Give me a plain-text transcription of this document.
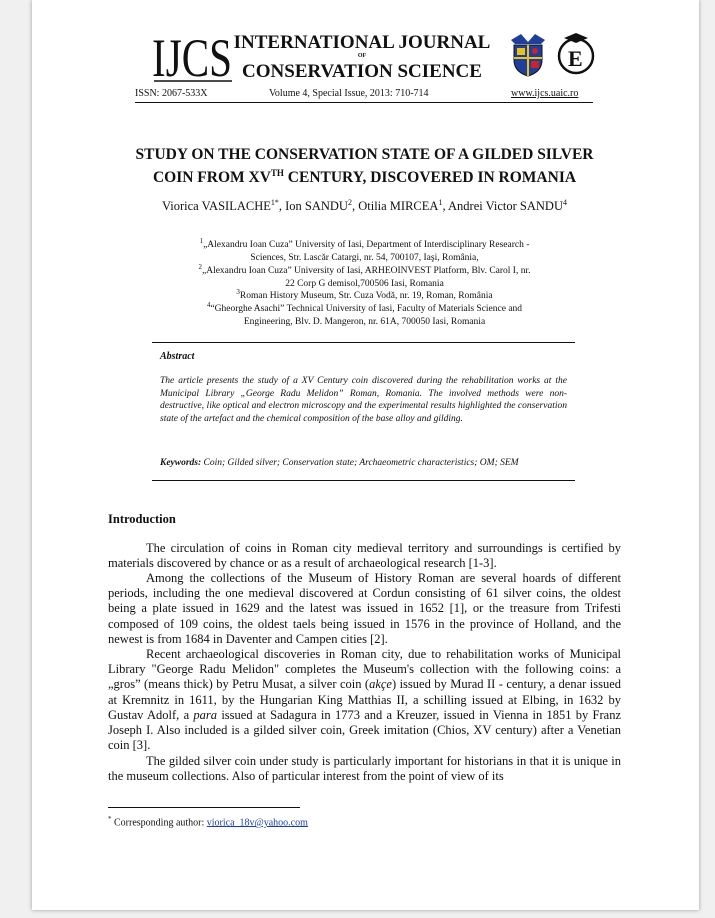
IJCS INTERNATIONAL JOURNAL
OF
CONSERVATION SCIENCE
E
ISSN: 2067-533X	Volume 4, Special Issue, 2013: 710-714	www.ijcs.uaic.ro
STUDY ON THE CONSERVATION STATE OF A GILDED SILVER
COIN FROM XVTH CENTURY, DISCOVERED IN ROMANIA
Viorica $VASILACHE^{1*}$, Ion SANDU$^2$, Otilia MIRCEA$^1$, Andrei Victor SANDU$^4$
$^1$„Alexandru Ioan Cuza” University of Iasi, Department of Interdisciplinary Research -
Sciences, Str. Lascăr Catargi, nr. 54, 700107, Iaşi, România,
$^2$„Alexandru Ioan Cuza” University of Iasi, ARHEOINVEST Platform, Blv. Carol I, nr.
22 Corp G demisol,700506 Iasi, Romania
$^3$Roman History Museum, Str. Cuza Vodă, nr. 19, Roman, România
$^4$“Gheorghe Asachi” Technical University of Iasi, Faculty of Materials Science and
Engineering, Blv. D. Mangeron, nr. 61A, 700050 Iasi, Romania
Abstract
The article presents the study of a XV Century coin discovered during the rehabilitation works at the Municipal Library „George Radu Melidon” Roman, Romania. The involved methods were non-destructive, like optical and electron microscopy and the experimental results highlighted the conservation state of the artefact and the chemical composition of the base alloy and gilding.
Keywords: Coin; Gilded silver; Conservation state; Archaeometric characteristics; OM; SEM
Introduction
The circulation of coins in Roman city medieval territory and surroundings is certified by materials discovered by chance or as a result of archaeological research [1-3].
Among the collections of the Museum of History Roman are several hoards of different periods, including the one medieval discovered at Cordun consisting of 61 silver coins, the oldest being a plate issued in 1629 and the latest was issued in 1652 [1], or the treasure from Trifesti composed of 109 coins, the oldest taels being issued in 1576 in the province of Holland, and the newest is from 1684 in Daventer and Campen cities [2].
Recent archaeological discoveries in Roman city, due to rehabilitation works of Municipal Library "George Radu Melidon" completes the Museum's collection with the following coins: a „gros” (means thick) by Petru Musat, a silver coin (akçe) issued by Murad II - century, a denar issued at Kremnitz in 1611, by the Hungarian King Matthias II, a schilling issued at Elbing, in 1632 by Gustav Adolf, a para issued at Sadagura in 1773 and a Kreuzer, issued in Vienna in 1851 by Franz Joseph I. Also included is a gilded silver coin, Greek imitation (Chios, XV century) after a Venetian coin [3].
The gilded silver coin under study is particularly important for historians in that it is unique in the museum collections. Also of particular interest from the point of view of its
* Corresponding author: viorica_18v@yahoo.com
